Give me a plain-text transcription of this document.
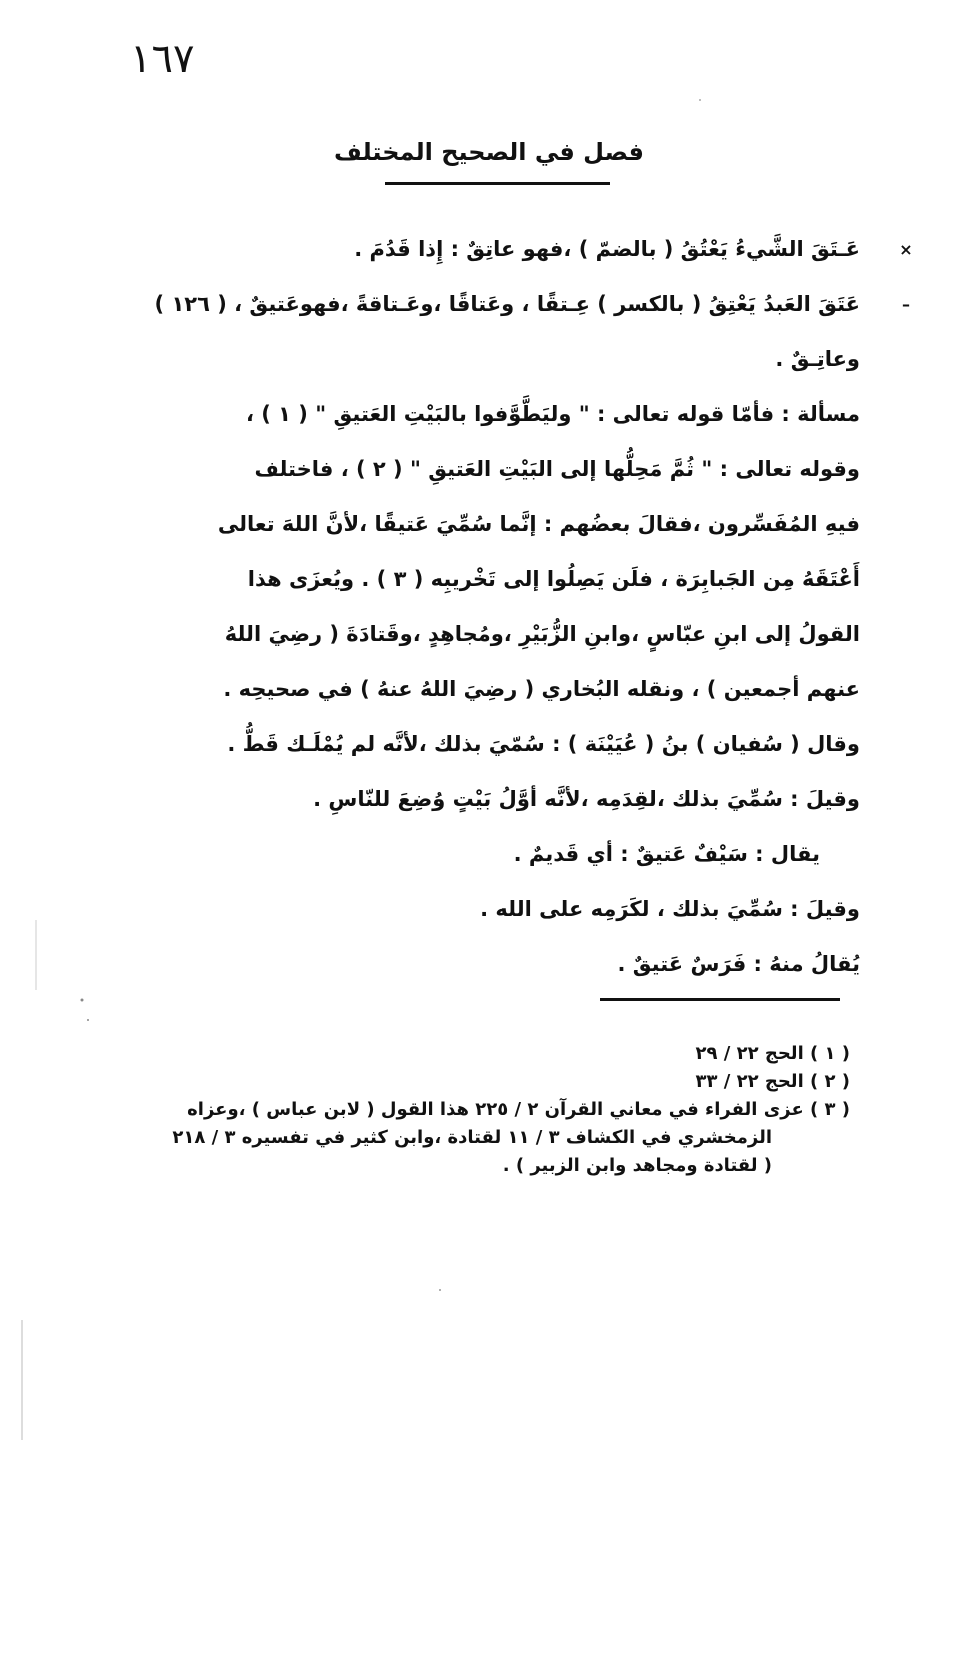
١٦٧
فصل في الصحيح المختلف
×
عَـتَقَ الشَّيءُ يَعْتُقُ ( بالضمّ ) ،فهو عاتِقٌ : إِذا قَدُمَ .
–
عَتَقَ العَبدُ يَعْتِقُ ( بالكسر ) عِـتقًا ، وعَتاقًا ،وعَـتاقةً ،فهوعَتيقٌ ، ( ١٢٦ )
وعاتِـقٌ .
مسألة : فأمّا قوله تعالى : " وليَطَّوَّفوا بالبَيْتِ العَتيقِ " ( ١ ) ،
وقوله تعالى : " ثُمَّ مَحِلُّها إلى البَيْتِ العَتيقِ " ( ٢ ) ، فاختلف
فيهِ المُفَسِّرون ،فقالَ بعضُهم : إنَّما سُمِّيَ عَتيقًا ،لأنَّ اللهَ تعالى
أَعْتَقَهُ مِن الجَبابِرَة ، فلَن يَصِلُوا إلى تَخْريبِه ( ٣ ) . ويُعزَى هذا
القولُ إلى ابنِ عبّاسٍ ،وابنِ الزُّبَيْرِ ،ومُجاهِدٍ ،وقَتادَةَ ( رضِيَ اللهُ
عنهم أجمعين ) ، ونقله البُخاري ( رضِيَ اللهُ عنهُ ) في صحيحِه .
وقال ( سُفيان ) بنُ ( عُيَيْنَة ) : سُمّيَ بذلك ،لأنَّه لم يُمْلَـك قَطُّ .
وقيلَ : سُمِّيَ بذلك ،لقِدَمِه ،لأنَّه أوَّلُ بَيْتٍ وُضِعَ للنّاسِ .
يقال : سَيْفٌ عَتيقٌ : أي قَديمٌ .
وقيلَ : سُمِّيَ بذلك ، لكَرَمِه على الله .
يُقالُ منهُ : فَرَسٌ عَتيقٌ .
( ١ ) الحج ٢٢ / ٢٩
( ٢ ) الحج ٢٢ / ٣٣
( ٣ ) عزى الفراء في معاني القرآن ٢ / ٢٢٥ هذا القول ( لابن عباس ) ،وعزاه
الزمخشري في الكشاف ٣ / ١١ لقتادة ،وابن كثير في تفسيره ٣ / ٢١٨
( لقتادة ومجاهد وابن الزبير ) .
